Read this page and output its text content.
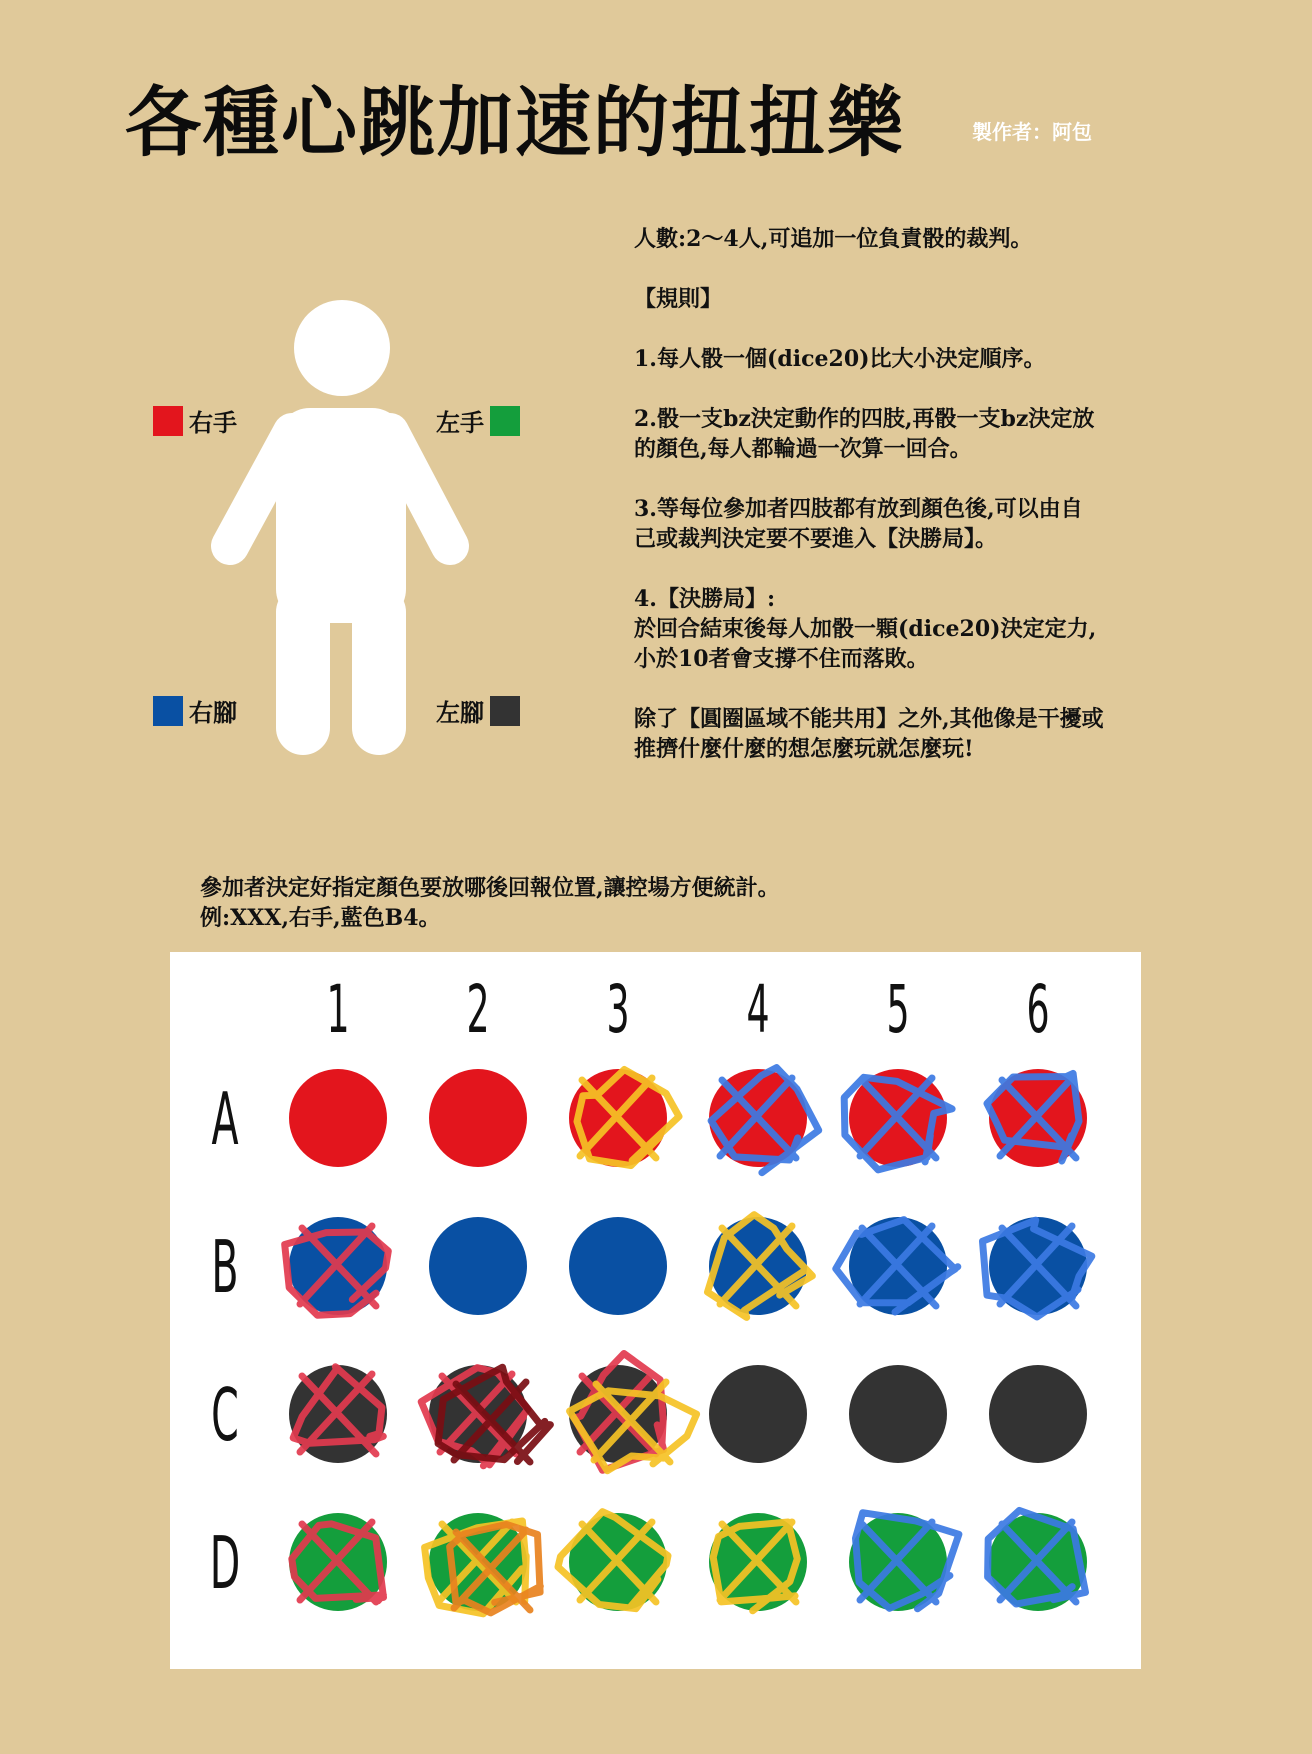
各種心跳加速的扭扭樂	製作者：阿包
右手	左手
右腳	左腳

人數:2～4人,可追加一位負責骰的裁判。

【規則】

1.每人骰一個(dice20)比大小決定順序。

2.骰一支bz決定動作的四肢,再骰一支bz決定放
的顏色,每人都輪過一次算一回合。

3.等每位參加者四肢都有放到顏色後,可以由自
己或裁判決定要不要進入【決勝局】。

4.【決勝局】:
於回合結束後每人加骰一顆(dice20)決定定力,
小於10者會支撐不住而落敗。

除了【圓圈區域不能共用】之外,其他像是干擾或
推擠什麼什麼的想怎麼玩就怎麼玩!

參加者決定好指定顏色要放哪後回報位置,讓控場方便統計。
例:XXX,右手,藍色B4。
1 2 3 4 5 6
A
B
C
D
